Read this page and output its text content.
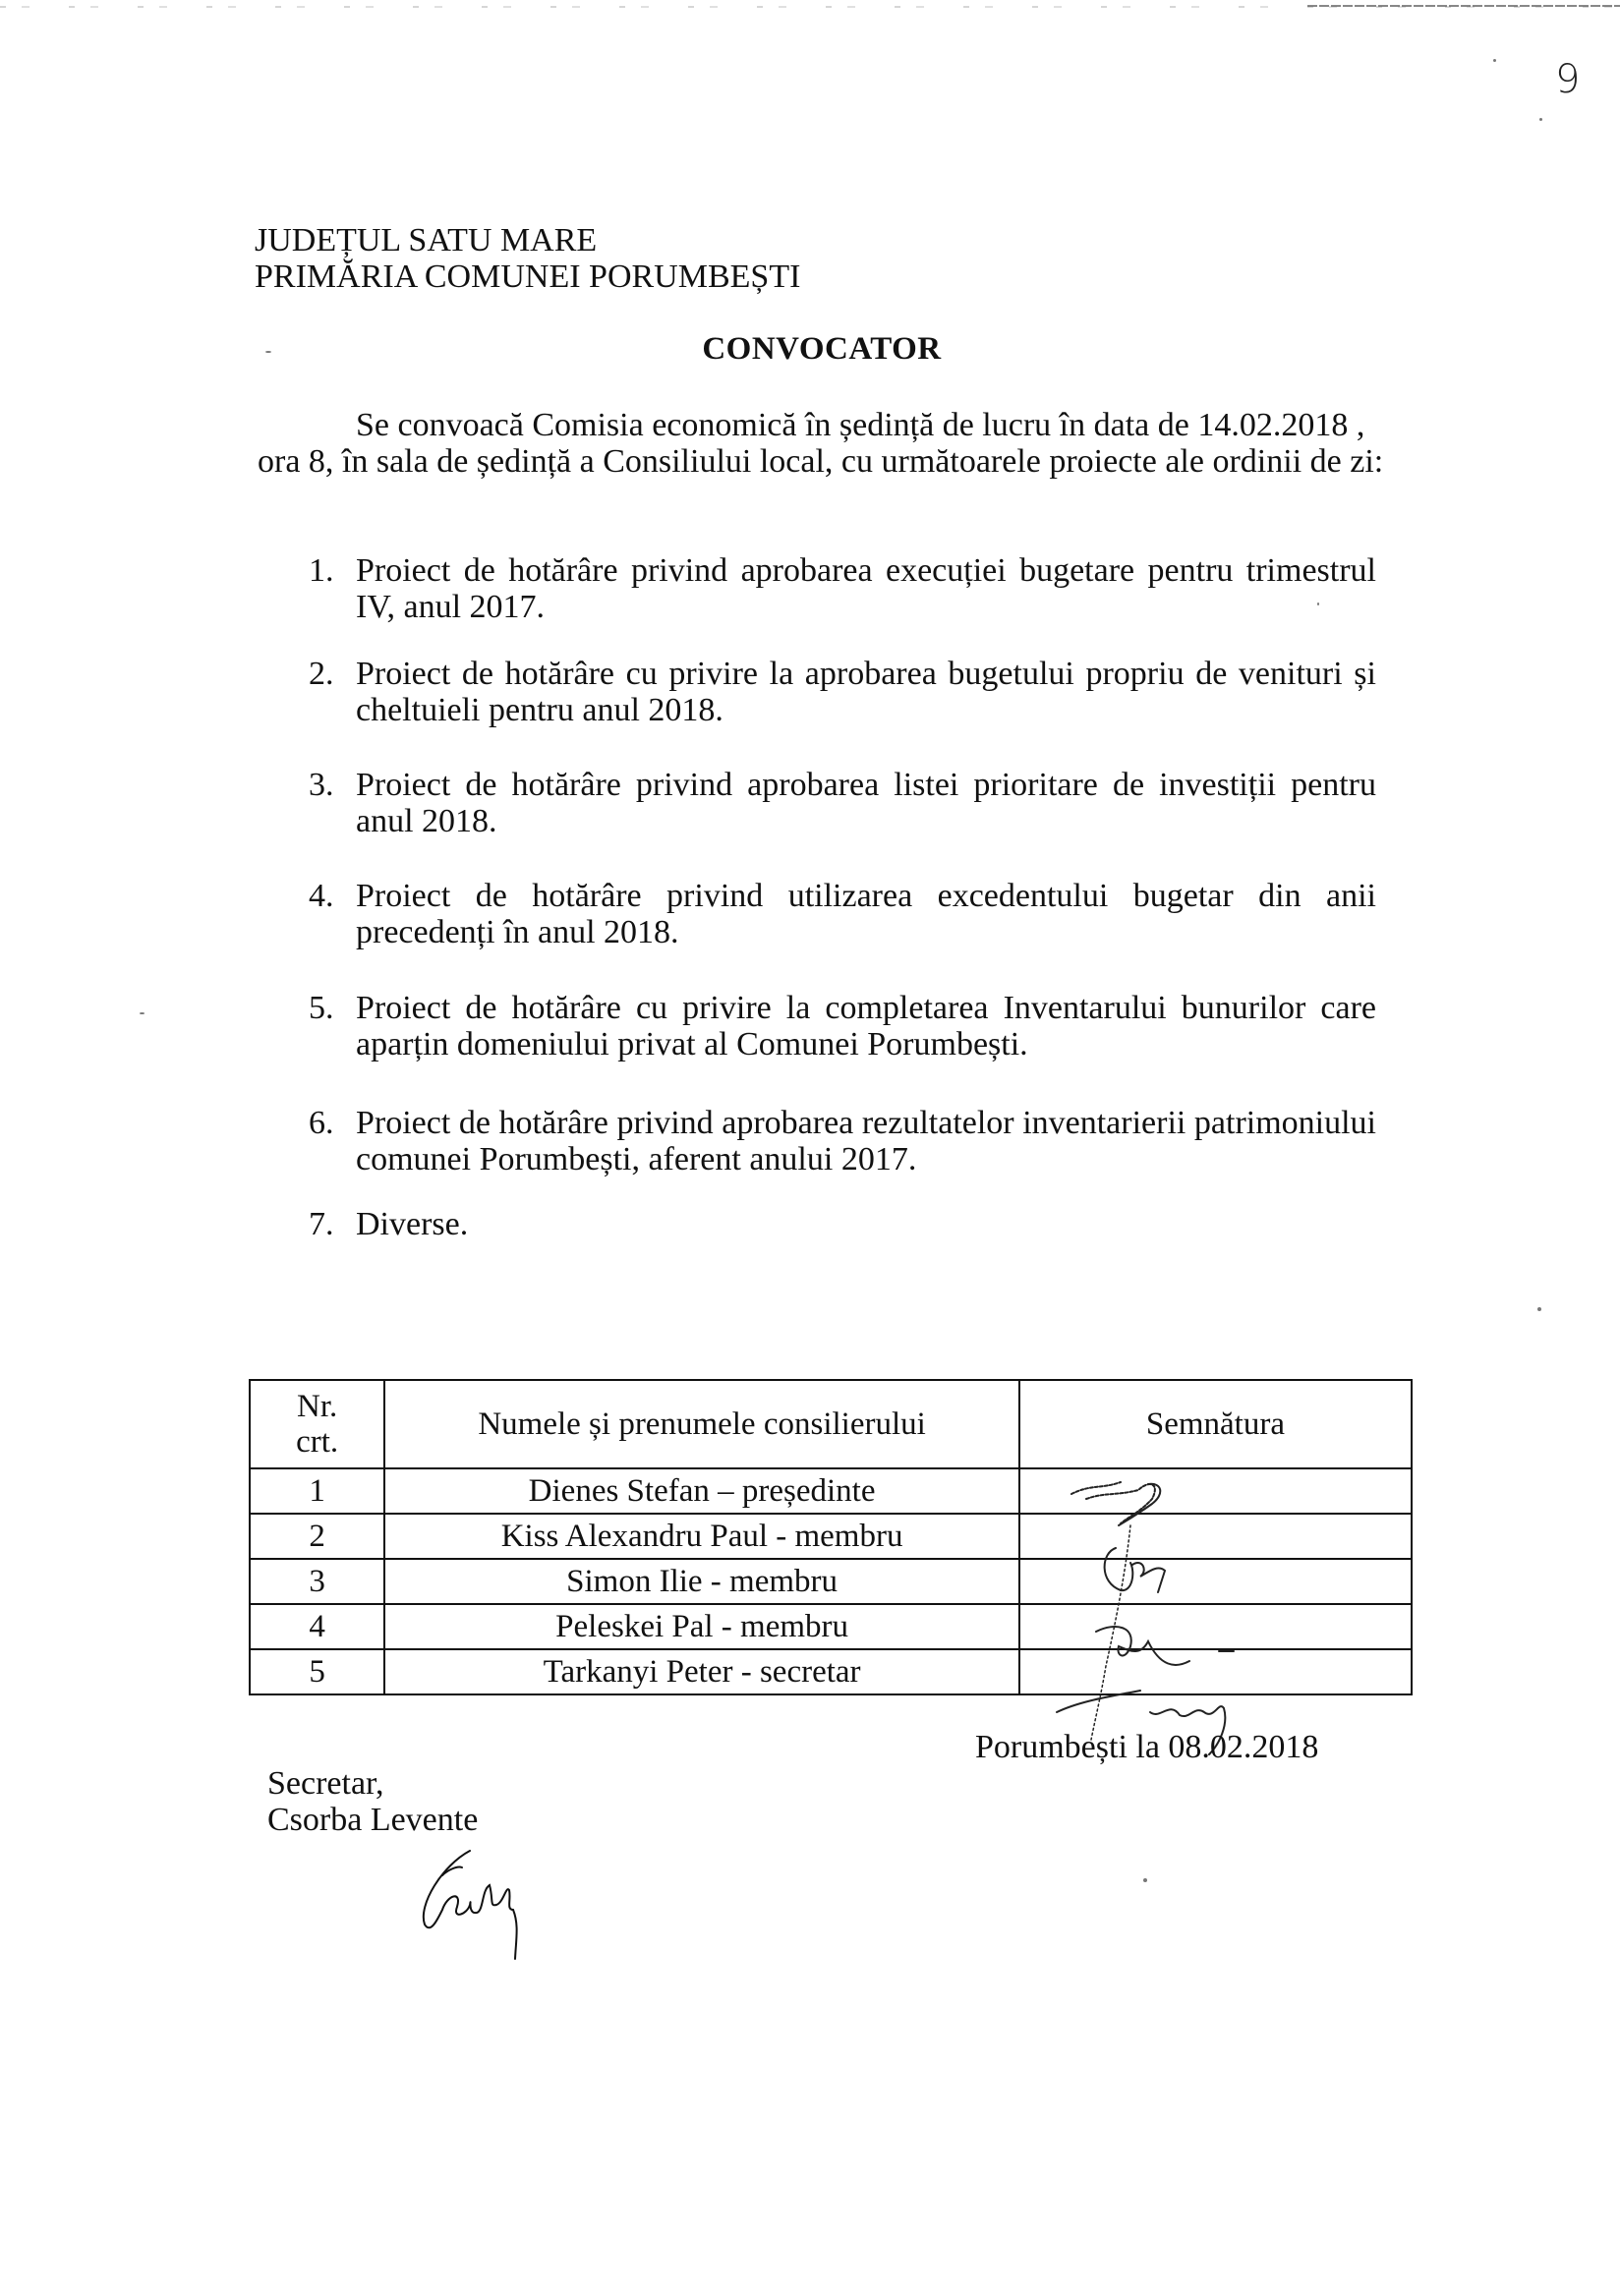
9
JUDEȚUL SATU MARE
PRIMĂRIA COMUNEI PORUMBEȘTI
CONVOCATOR
Se convoacă Comisia economică în ședință de lucru în data de 14.02.2018 ,
ora 8, în sala de ședință a Consiliului local, cu următoarele proiecte ale ordinii de zi:
1. Proiect de hotărâre privind aprobarea execuției bugetare pentru trimestrul IV, anul 2017.
2. Proiect de hotărâre cu privire la aprobarea bugetului propriu de venituri și cheltuieli pentru anul 2018.
3. Proiect de hotărâre privind aprobarea listei prioritare de investiții pentru anul 2018.
4. Proiect de hotărâre privind utilizarea excedentului bugetar din anii precedenți în anul 2018.
5. Proiect de hotărâre cu privire la completarea Inventarului bunurilor care aparțin domeniului privat al Comunei Porumbești.
6. Proiect de hotărâre privind aprobarea rezultatelor inventarierii patrimoniului comunei Porumbești, aferent anului 2017.
7. Diverse.
Nr.
crt.	Numele și prenumele consilierului	Semnătura
1	Dienes Stefan – președinte	
2	Kiss Alexandru Paul - membru	
3	Simon Ilie - membru	
4	Peleskei Pal - membru	
5	Tarkanyi Peter - secretar	
Porumbești la 08.02.2018
Secretar,
Csorba Levente
